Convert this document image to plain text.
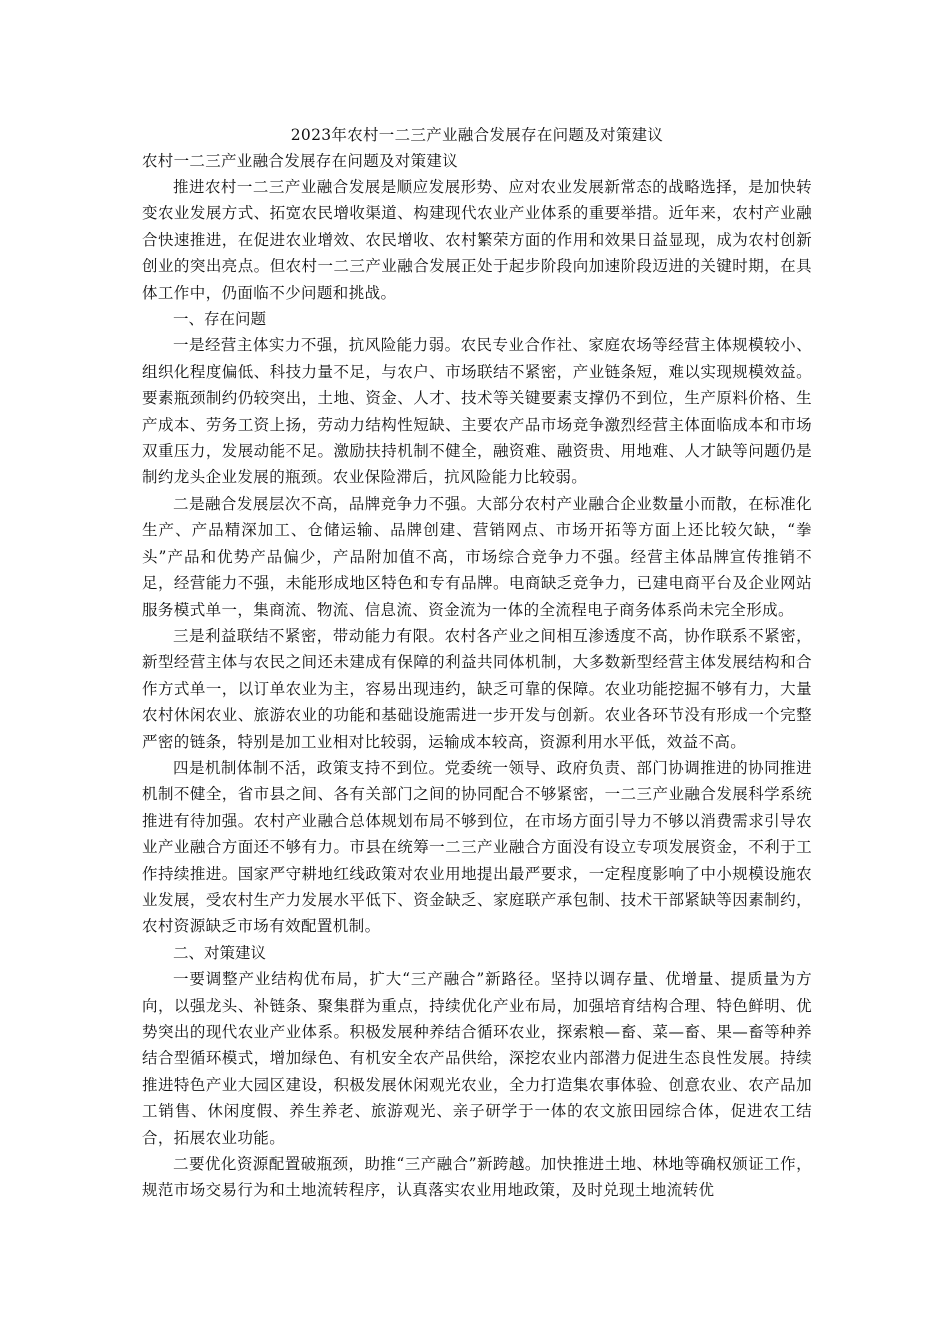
2023年农村一二三产业融合发展存在问题及对策建议
农村一二三产业融合发展存在问题及对策建议

推进农村一二三产业融合发展是顺应发展形势、应对农业发展新常态的战略选择，是加快转变农业发展方式、拓宽农民增收渠道、构建现代农业产业体系的重要举措。近年来，农村产业融合快速推进，在促进农业增效、农民增收、农村繁荣方面的作用和效果日益显现，成为农村创新创业的突出亮点。但农村一二三产业融合发展正处于起步阶段向加速阶段迈进的关键时期，在具体工作中，仍面临不少问题和挑战。

一、存在问题

一是经营主体实力不强，抗风险能力弱。农民专业合作社、家庭农场等经营主体规模较小、组织化程度偏低、科技力量不足，与农户、市场联结不紧密，产业链条短，难以实现规模效益。要素瓶颈制约仍较突出，土地、资金、人才、技术等关键要素支撑仍不到位，生产原料价格、生产成本、劳务工资上扬，劳动力结构性短缺、主要农产品市场竞争激烈经营主体面临成本和市场双重压力，发展动能不足。激励扶持机制不健全，融资难、融资贵、用地难、人才缺等问题仍是制约龙头企业发展的瓶颈。农业保险滞后，抗风险能力比较弱。

二是融合发展层次不高，品牌竞争力不强。大部分农村产业融合企业数量小而散，在标准化生产、产品精深加工、仓储运输、品牌创建、营销网点、市场开拓等方面上还比较欠缺，“拳头”产品和优势产品偏少，产品附加值不高，市场综合竞争力不强。经营主体品牌宣传推销不足，经营能力不强，未能形成地区特色和专有品牌。电商缺乏竞争力，已建电商平台及企业网站服务模式单一，集商流、物流、信息流、资金流为一体的全流程电子商务体系尚未完全形成。

三是利益联结不紧密，带动能力有限。农村各产业之间相互渗透度不高，协作联系不紧密，新型经营主体与农民之间还未建成有保障的利益共同体机制，大多数新型经营主体发展结构和合作方式单一，以订单农业为主，容易出现违约，缺乏可靠的保障。农业功能挖掘不够有力，大量农村休闲农业、旅游农业的功能和基础设施需进一步开发与创新。农业各环节没有形成一个完整严密的链条，特别是加工业相对比较弱，运输成本较高，资源利用水平低，效益不高。

四是机制体制不活，政策支持不到位。党委统一领导、政府负责、部门协调推进的协同推进机制不健全，省市县之间、各有关部门之间的协同配合不够紧密，一二三产业融合发展科学系统推进有待加强。农村产业融合总体规划布局不够到位，在市场方面引导力不够以消费需求引导农业产业融合方面还不够有力。市县在统筹一二三产业融合方面没有设立专项发展资金，不利于工作持续推进。国家严守耕地红线政策对农业用地提出最严要求，一定程度影响了中小规模设施农业发展，受农村生产力发展水平低下、资金缺乏、家庭联产承包制、技术干部紧缺等因素制约，农村资源缺乏市场有效配置机制。

二、对策建议

一要调整产业结构优布局，扩大“三产融合”新路径。坚持以调存量、优增量、提质量为方向，以强龙头、补链条、聚集群为重点，持续优化产业布局，加强培育结构合理、特色鲜明、优势突出的现代农业产业体系。积极发展种养结合循环农业，探索粮—畜、菜—畜、果—畜等种养结合型循环模式，增加绿色、有机安全农产品供给，深挖农业内部潜力促进生态良性发展。持续推进特色产业大园区建设，积极发展休闲观光农业，全力打造集农事体验、创意农业、农产品加工销售、休闲度假、养生养老、旅游观光、亲子研学于一体的农文旅田园综合体，促进农工结合，拓展农业功能。

二要优化资源配置破瓶颈，助推“三产融合”新跨越。加快推进土地、林地等确权颁证工作，规范市场交易行为和土地流转程序，认真落实农业用地政策，及时兑现土地流转优
